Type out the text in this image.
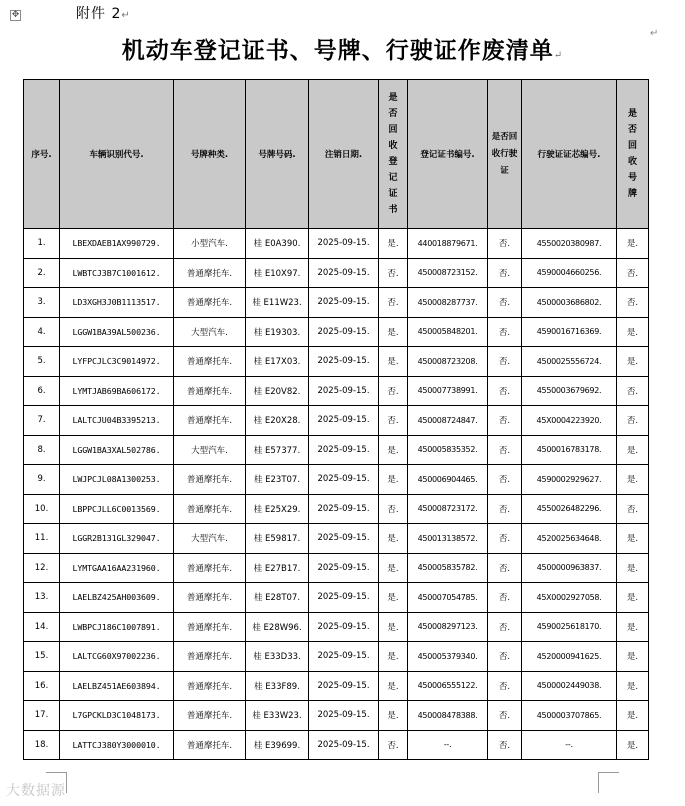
✥	附件 2↵
机动车登记证书、号牌、行驶证作废清单↵
序号.	车辆识别代号.	号牌种类.	号牌号码.	注销日期.	是否回收登记证书	登记证书编号.	是否回收行驶证	行驶证证芯编号.	是否回收号牌

1.	LBEXDAEB1AX990729.	小型汽车.	桂 E0A390.	2025-09-15.	是.	440018879671.	否.	4550020380987.	是.
2.	LWBTCJ3B7C1001612.	普通摩托车.	桂 E10X97.	2025-09-15.	否.	450008723152.	否.	4590004660256.	否.
3.	LD3XGH3J0B1113517.	普通摩托车.	桂 E11W23.	2025-09-15.	否.	450008287737.	否.	4500003686802.	否.
4.	LGGW1BA39AL500236.	大型汽车.	桂 E19303.	2025-09-15.	是.	450005848201.	否.	4590016716369.	是.
5.	LYFPCJLC3C9014972.	普通摩托车.	桂 E17X03.	2025-09-15.	是.	450008723208.	否.	4500025556724.	是.
6.	LYMTJAB69BA606172.	普通摩托车.	桂 E20V82.	2025-09-15.	否.	450007738991.	否.	4550003679692.	否.
7.	LALTCJU04B3395213.	普通摩托车.	桂 E20X28.	2025-09-15.	否.	450008724847.	否.	45X0004223920.	否.
8.	LGGW1BA3XAL502786.	大型汽车.	桂 E57377.	2025-09-15.	是.	450005835352.	否.	4500016783178.	是.
9.	LWJPCJL08A1300253.	普通摩托车.	桂 E23T07.	2025-09-15.	是.	450006904465.	否.	4590002929627.	是.
10.	LBPPCJLL6C0013569.	普通摩托车.	桂 E25X29.	2025-09-15.	否.	450008723172.	否.	4550026482296.	否.
11.	LGGR2B131GL329047.	大型汽车.	桂 E59817.	2025-09-15.	是.	450013138572.	否.	4520025634648.	是.
12.	LYMTGAA16AA231960.	普通摩托车.	桂 E27B17.	2025-09-15.	是.	450005835782.	否.	4500000963837.	是.
13.	LAELBZ425AH003609.	普通摩托车.	桂 E28T07.	2025-09-15.	是.	450007054785.	否.	45X0002927058.	是.
14.	LWBPCJ186C1007891.	普通摩托车.	桂 E28W96.	2025-09-15.	是.	450008297123.	否.	4590025618170.	是.
15.	LALTCG60X97002236.	普通摩托车.	桂 E33D33.	2025-09-15.	是.	450005379340.	否.	4520000941625.	是.
16.	LAELBZ451AE603894.	普通摩托车.	桂 E33F89.	2025-09-15.	是.	450006555122.	否.	4500002449038.	是.
17.	L7GPCKLD3C1048173.	普通摩托车.	桂 E33W23.	2025-09-15.	是.	450008478388.	否.	4500003707865.	是.
18.	LATTCJ380Y3000010.	普通摩托车.	桂 E39699.	2025-09-15.	否.	--.	否.	--.	是.
↵
大数据源
